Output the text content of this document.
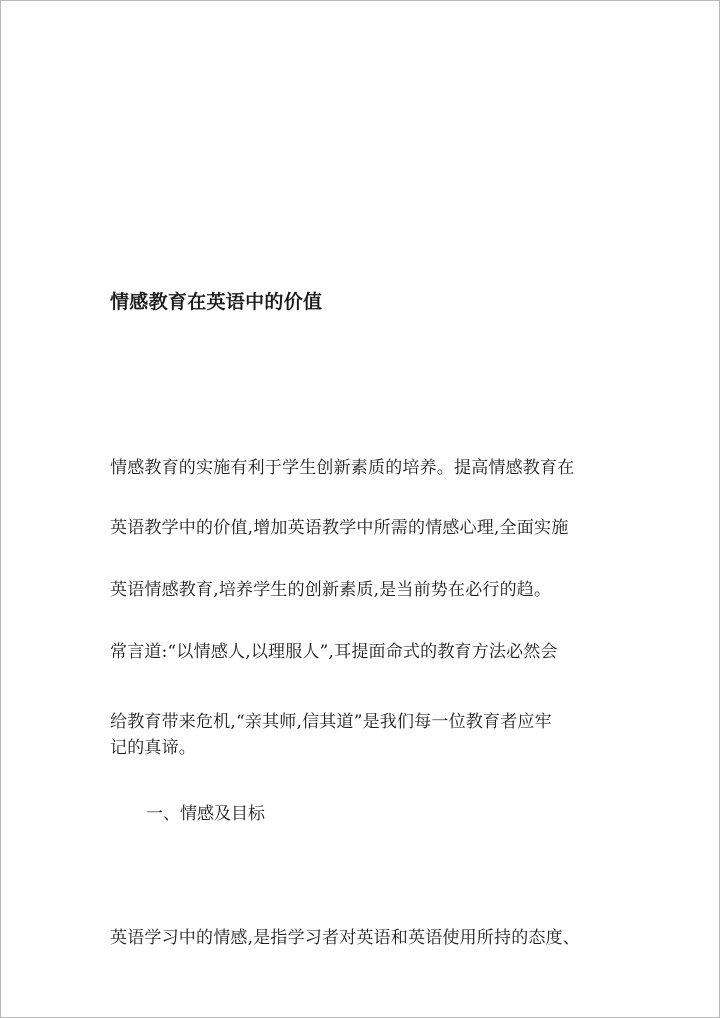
情感教育在英语中的价值
情感教育的实施有利于学生创新素质的培养。提高情感教育在
英语教学中的价值,增加英语教学中所需的情感心理,全面实施
英语情感教育,培养学生的创新素质,是当前势在必行的趋。
常言道:“以情感人,以理服人”,耳提面命式的教育方法必然会
给教育带来危机,“亲其师,信其道”是我们每一位教育者应牢
记的真谛。
一、情感及目标
英语学习中的情感,是指学习者对英语和英语使用所持的态度、
